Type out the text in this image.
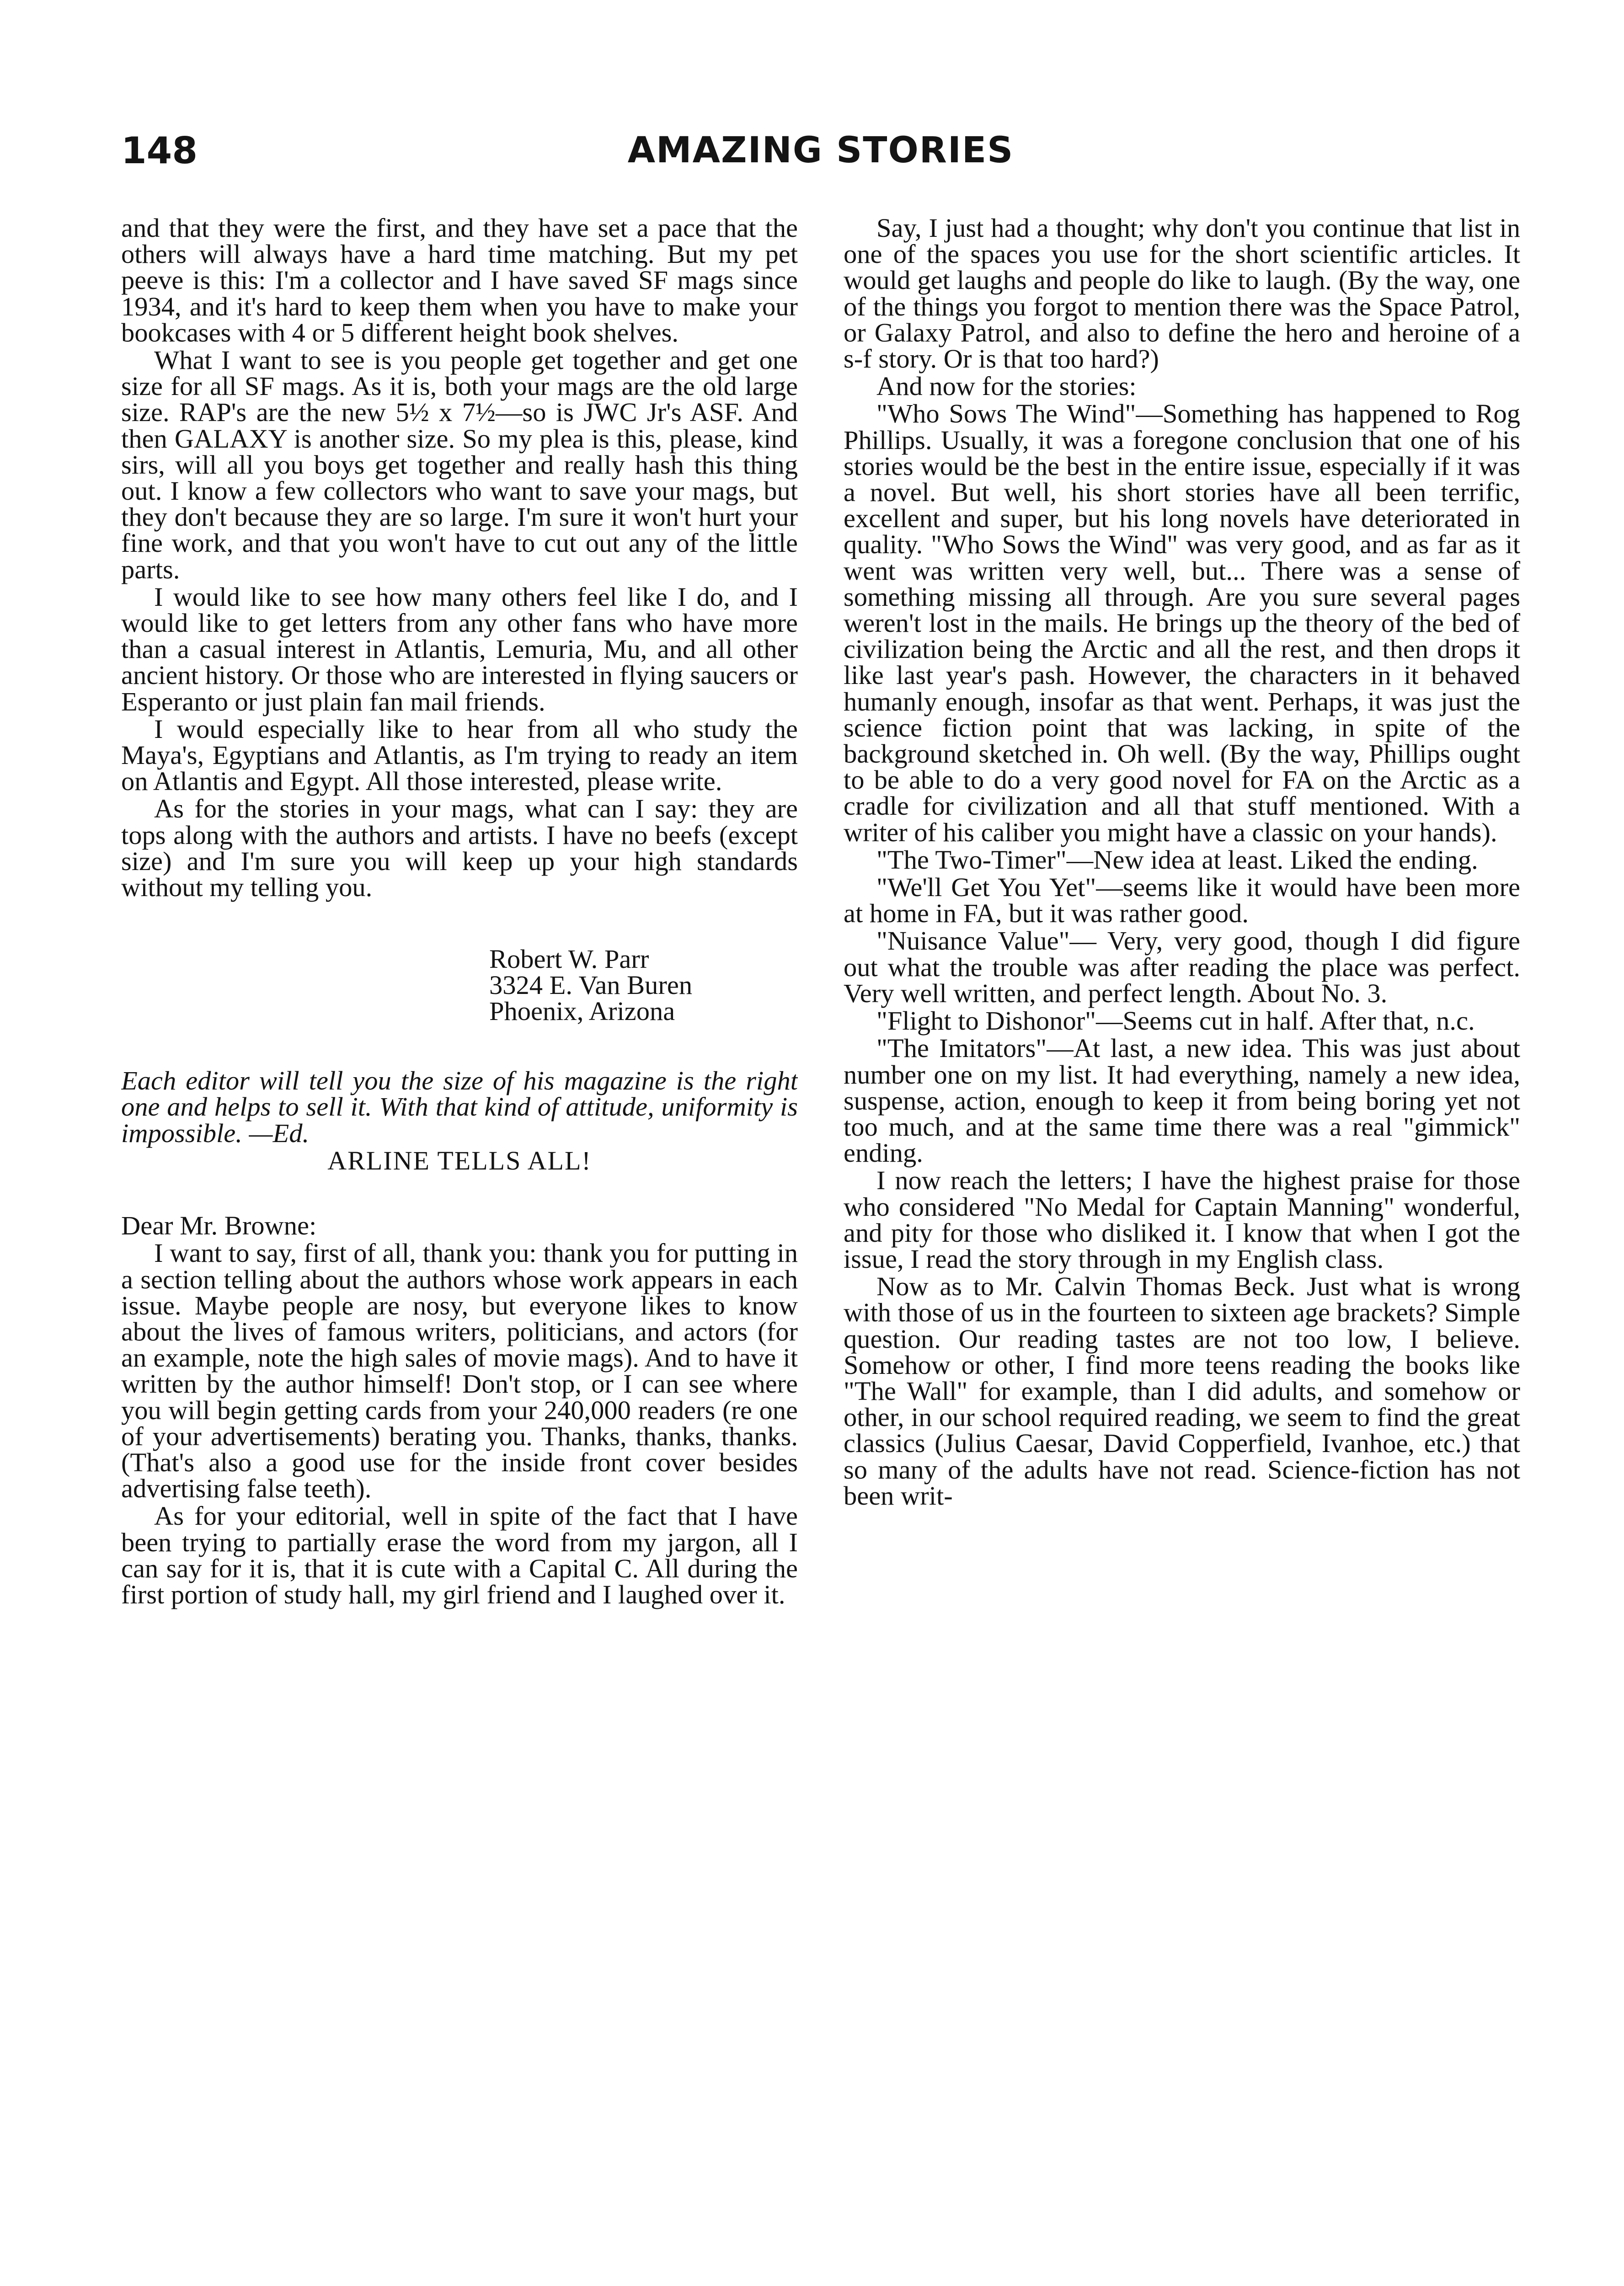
148	AMAZING STORIES

and that they were the first, and they have set a pace that the others will always have a hard time matching. But my pet peeve is this: I'm a collector and I have saved SF mags since 1934, and it's hard to keep them when you have to make your bookcases with 4 or 5 different height book shelves.

What I want to see is you people get together and get one size for all SF mags. As it is, both your mags are the old large size. RAP's are the new 5½ x 7½—so is JWC Jr's ASF. And then GALAXY is another size. So my plea is this, please, kind sirs, will all you boys get together and really hash this thing out. I know a few collectors who want to save your mags, but they don't because they are so large. I'm sure it won't hurt your fine work, and that you won't have to cut out any of the little parts.

I would like to see how many others feel like I do, and I would like to get letters from any other fans who have more than a casual interest in Atlantis, Lemuria, Mu, and all other ancient history. Or those who are interested in flying saucers or Esperanto or just plain fan mail friends.

I would especially like to hear from all who study the Maya's, Egyptians and Atlantis, as I'm trying to ready an item on Atlantis and Egypt. All those interested, please write.

As for the stories in your mags, what can I say: they are tops along with the authors and artists. I have no beefs (except size) and I'm sure you will keep up your high standards without my telling you.

Robert W. Parr
3324 E. Van Buren
Phoenix, Arizona

Each editor will tell you the size of his magazine is the right one and helps to sell it. With that kind of attitude, uniformity is impossible. —Ed.

ARLINE TELLS ALL!

Dear Mr. Browne:

I want to say, first of all, thank you: thank you for putting in a section telling about the authors whose work appears in each issue. Maybe people are nosy, but everyone likes to know about the lives of famous writers, politicians, and actors (for an example, note the high sales of movie mags). And to have it written by the author himself! Don't stop, or I can see where you will begin getting cards from your 240,000 readers (re one of your advertisements) berating you. Thanks, thanks, thanks. (That's also a good use for the inside front cover besides advertising false teeth).

As for your editorial, well in spite of the fact that I have been trying to partially erase the word from my jargon, all I can say for it is, that it is cute with a Capital C. All during the first portion of study hall, my girl friend and I laughed over it.

Say, I just had a thought; why don't you continue that list in one of the spaces you use for the short scientific articles. It would get laughs and people do like to laugh. (By the way, one of the things you forgot to mention there was the Space Patrol, or Galaxy Patrol, and also to define the hero and heroine of a s-f story. Or is that too hard?)

And now for the stories:

"Who Sows The Wind"—Something has happened to Rog Phillips. Usually, it was a foregone conclusion that one of his stories would be the best in the entire issue, especially if it was a novel. But well, his short stories have all been terrific, excellent and super, but his long novels have deteriorated in quality. "Who Sows the Wind" was very good, and as far as it went was written very well, but... There was a sense of something missing all through. Are you sure several pages weren't lost in the mails. He brings up the theory of the bed of civilization being the Arctic and all the rest, and then drops it like last year's pash. However, the characters in it behaved humanly enough, insofar as that went. Perhaps, it was just the science fiction point that was lacking, in spite of the background sketched in. Oh well. (By the way, Phillips ought to be able to do a very good novel for FA on the Arctic as a cradle for civilization and all that stuff mentioned. With a writer of his caliber you might have a classic on your hands).

"The Two-Timer"—New idea at least. Liked the ending.

"We'll Get You Yet"—seems like it would have been more at home in FA, but it was rather good.

"Nuisance Value"— Very, very good, though I did figure out what the trouble was after reading the place was perfect. Very well written, and perfect length. About No. 3.

"Flight to Dishonor"—Seems cut in half. After that, n.c.

"The Imitators"—At last, a new idea. This was just about number one on my list. It had everything, namely a new idea, suspense, action, enough to keep it from being boring yet not too much, and at the same time there was a real "gimmick" ending.

I now reach the letters; I have the highest praise for those who considered "No Medal for Captain Manning" wonderful, and pity for those who disliked it. I know that when I got the issue, I read the story through in my English class.

Now as to Mr. Calvin Thomas Beck. Just what is wrong with those of us in the fourteen to sixteen age brackets? Simple question. Our reading tastes are not too low, I believe. Somehow or other, I find more teens reading the books like "The Wall" for example, than I did adults, and somehow or other, in our school required reading, we seem to find the great classics (Julius Caesar, David Copperfield, Ivanhoe, etc.) that so many of the adults have not read. Science-fiction has not been writ-
